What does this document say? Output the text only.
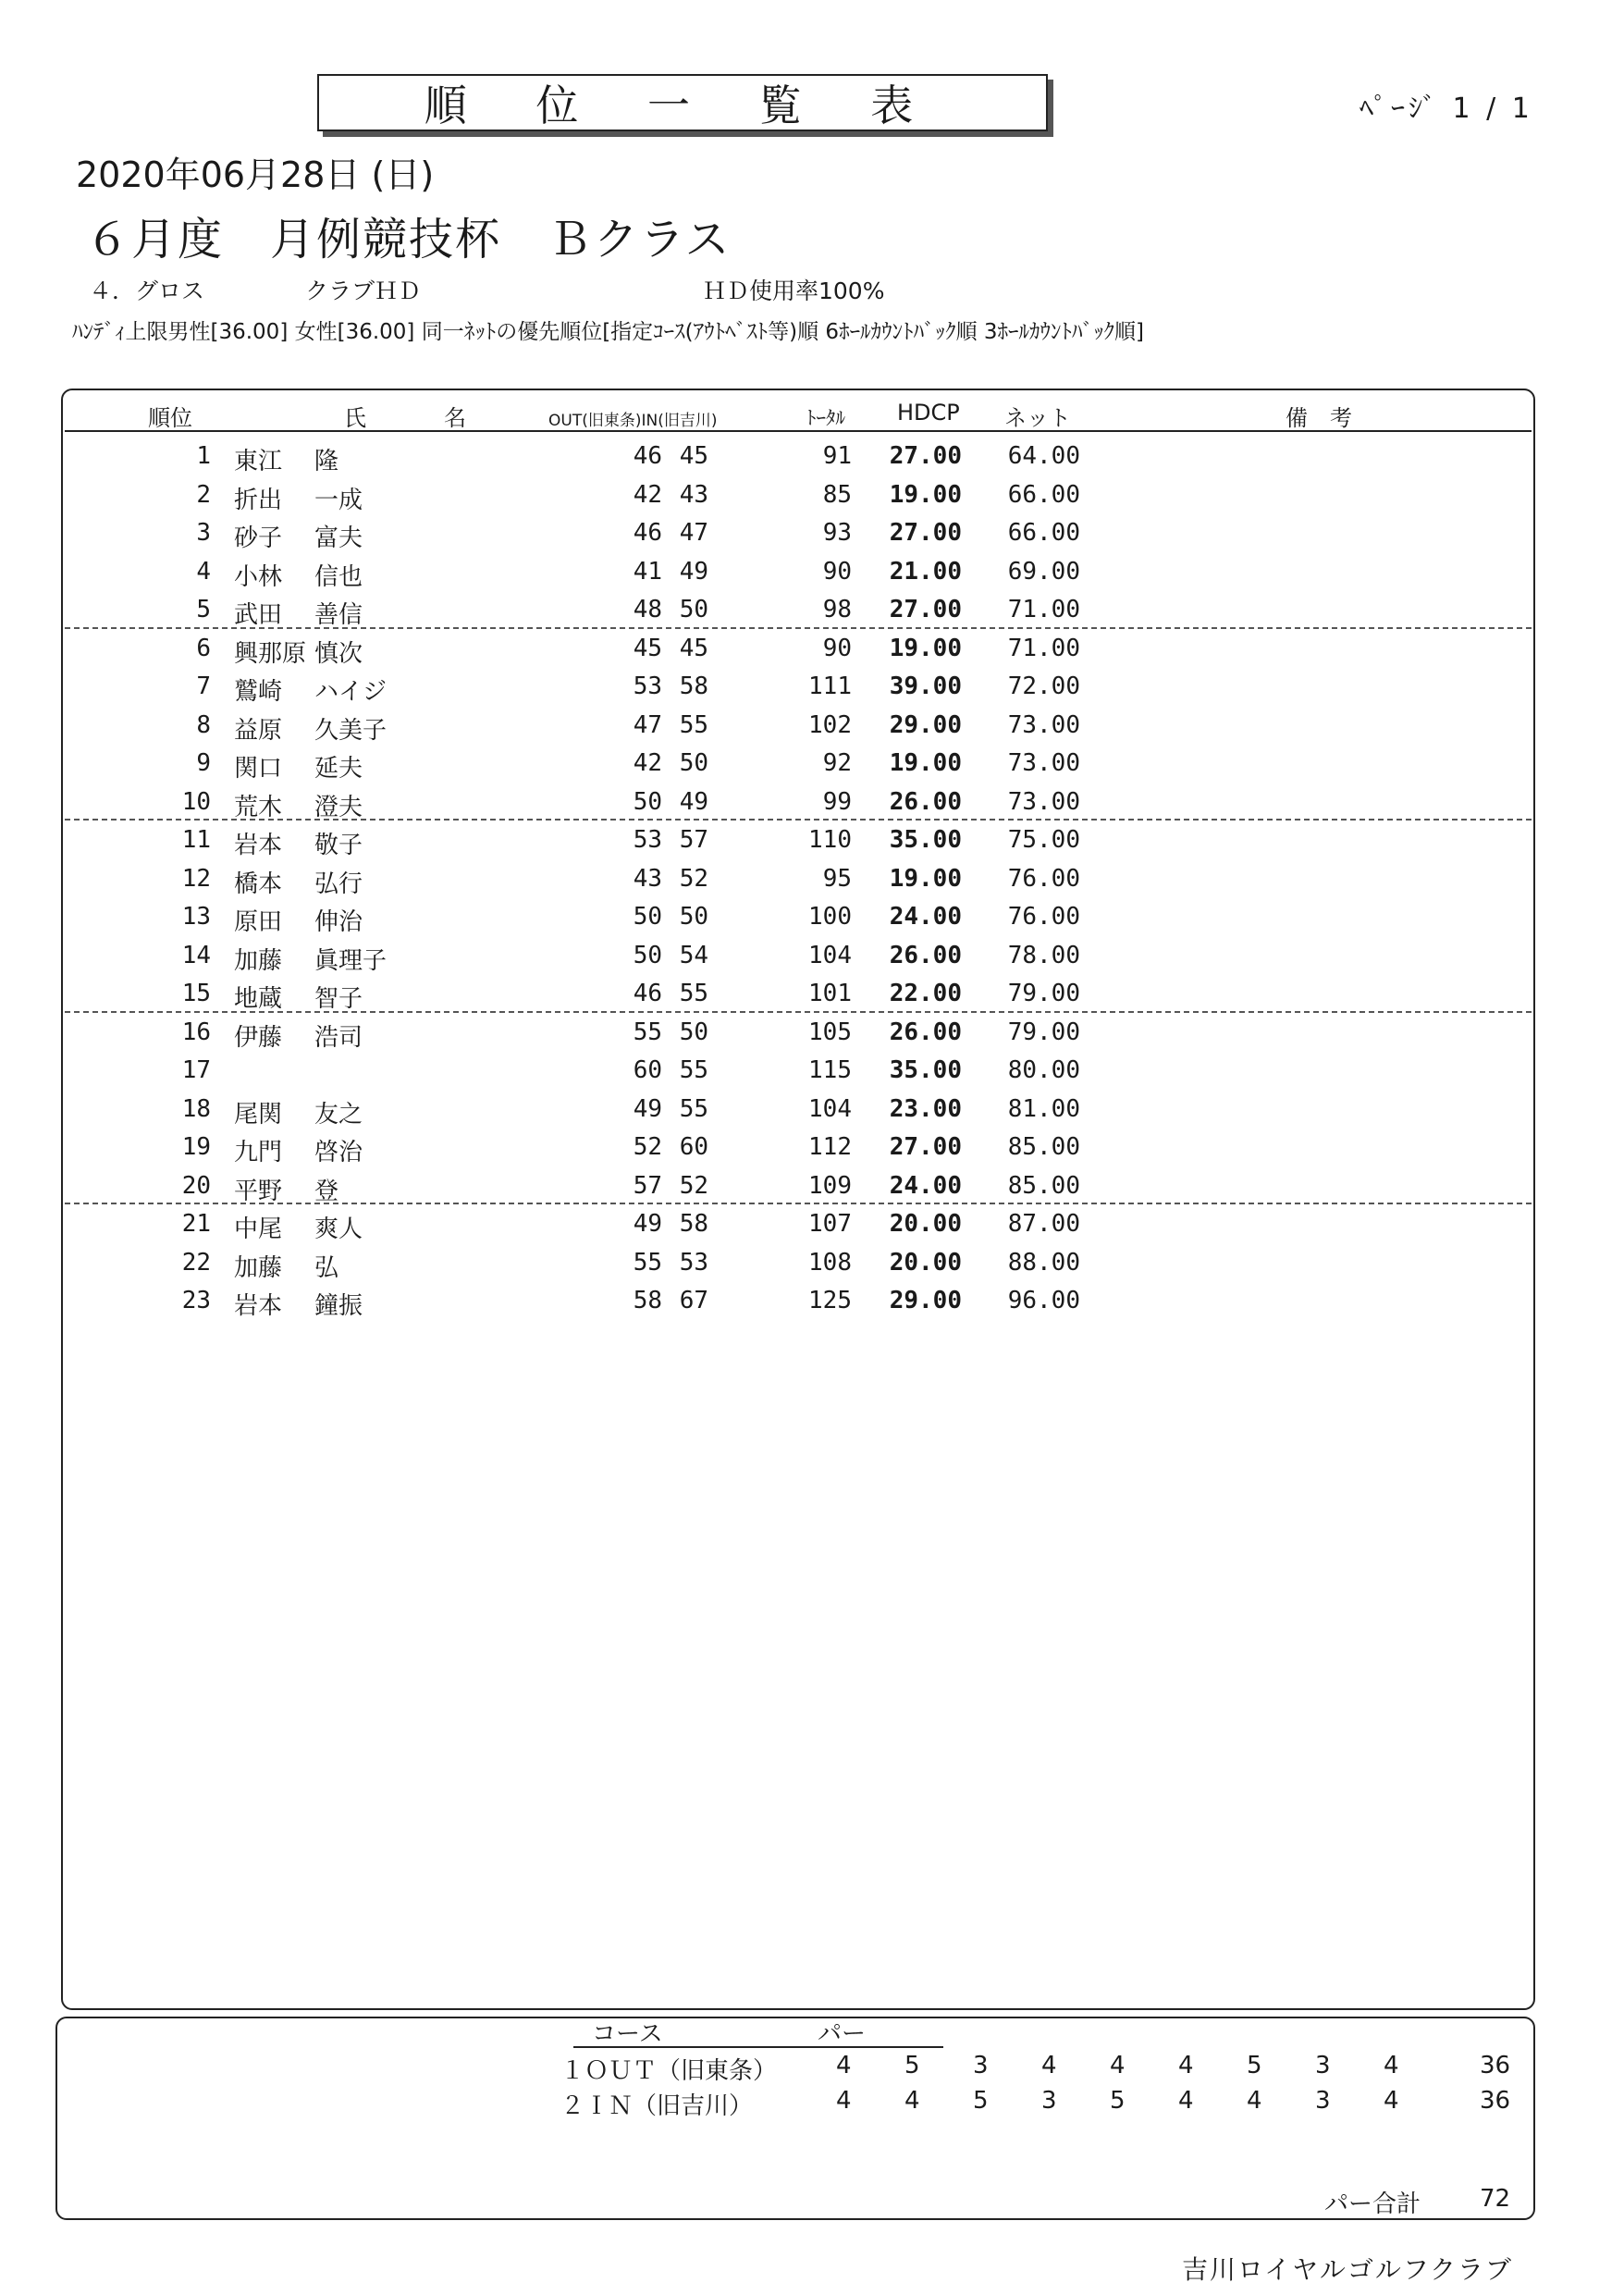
順 位 一 覧 表	ﾍﾟｰｼﾞ 1 / 1
2020年06月28日 (日)
６月度　月例競技杯　Ｂクラス
４．グロス	クラブＨＤ	ＨＤ使用率100%
ﾊﾝﾃﾞｨ上限男性[36.00] 女性[36.00] 同一ﾈｯﾄの優先順位[指定ｺｰｽ(ｱｳﾄﾍﾞｽﾄ等)順 6ﾎｰﾙｶｳﾝﾄﾊﾞｯｸ順 3ﾎｰﾙｶｳﾝﾄﾊﾞｯｸ順]
順位	氏	名	OUT(旧東条)IN(旧吉川)	ﾄｰﾀﾙ HDCP ネット	備　考
1 東江 隆	46 45	91 27.00 64.00
2 折出 一成	42 43	85 19.00 66.00
3 砂子 富夫	46 47	93 27.00 66.00
4 小林 信也	41 49	90 21.00 69.00
5 武田 善信	48 50	98 27.00 71.00
6 興那原 慎次	45 45	90 19.00 71.00
7 鷲崎 ハイジ	53 58	111 39.00 72.00
8 益原 久美子	47 55	102 29.00 73.00
9 関口 延夫	42 50	92 19.00 73.00
10 荒木 澄夫	50 49	99 26.00 73.00
11 岩本 敬子	53 57	110 35.00 75.00
12 橋本 弘行	43 52	95 19.00 76.00
13 原田 伸治	50 50	100 24.00 76.00
14 加藤 眞理子	50 54	104 26.00 78.00
15 地蔵 智子	46 55	101 22.00 79.00
16 伊藤 浩司	55 50	105 26.00 79.00
17	60 55	115 35.00 80.00
18 尾関 友之	49 55	104 23.00 81.00
19 九門 啓治	52 60	112 27.00 85.00
20 平野 登	57 52	109 24.00 85.00
21 中尾 爽人	49 58	107 20.00 87.00
22 加藤 弘	55 53	108 20.00 88.00
23 岩本 鐘振	58 67	125 29.00 96.00
コース	パー
１ＯＵＴ（旧東条） 4 5 3 4 4 4 5 3 4	36
２ＩＮ（旧吉川）	4 4 5 3 5 4 4 3 4	36
パー合計 72
吉川ロイヤルゴルフクラブ
